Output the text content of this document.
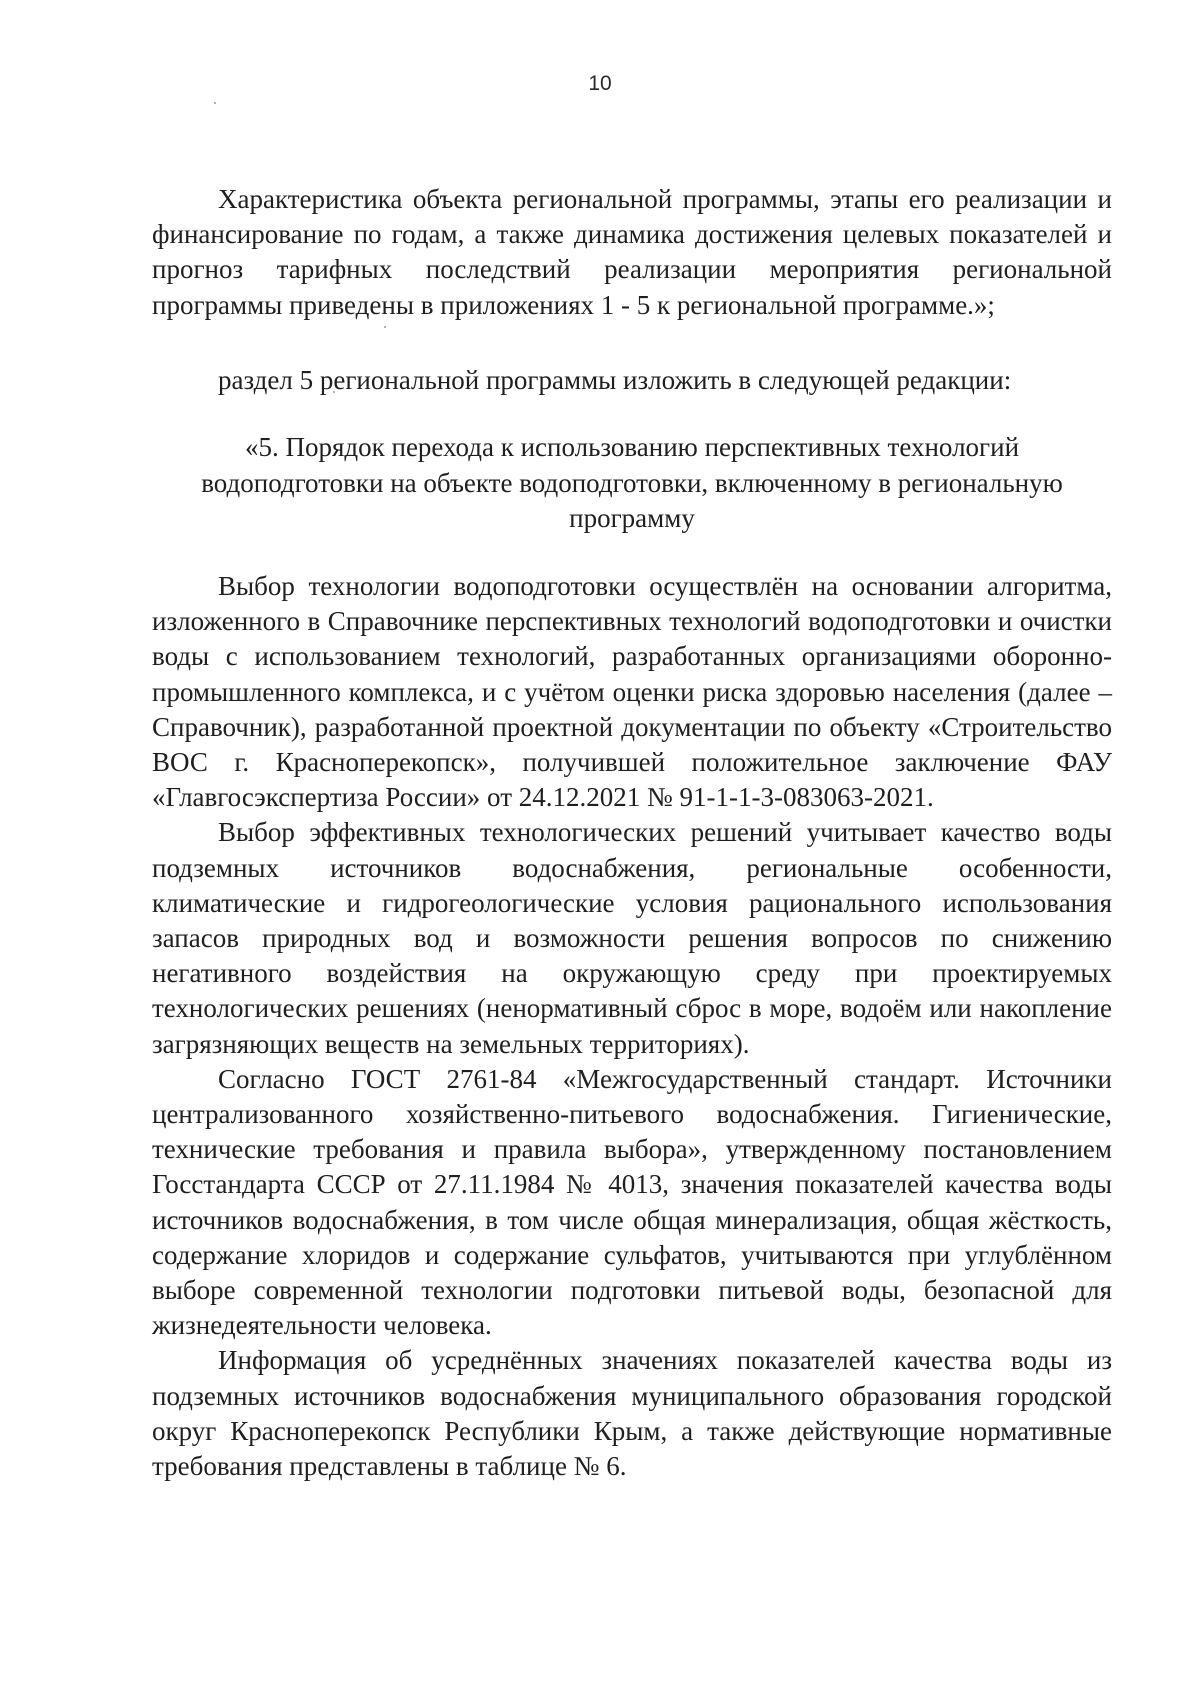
10

Характеристика объекта региональной программы, этапы его реализации и финансирование по годам, а также динамика достижения целевых показателей и прогноз тарифных последствий реализации мероприятия региональной программы приведены в приложениях 1 - 5 к региональной программе.»;

раздел 5 региональной программы изложить в следующей редакции:

«5. Порядок перехода к использованию перспективных технологий водоподготовки на объекте водоподготовки, включенному в региональную программу

Выбор технологии водоподготовки осуществлён на основании алгоритма, изложенного в Справочнике перспективных технологий водоподготовки и очистки воды с использованием технологий, разработанных организациями оборонно-промышленного комплекса, и с учётом оценки риска здоровью населения (далее – Справочник), разработанной проектной документации по объекту «Строительство ВОС г. Красноперекопск», получившей положительное заключение ФАУ «Главгосэкспертиза России» от 24.12.2021 № 91-1-1-3-083063-2021.

Выбор эффективных технологических решений учитывает качество воды подземных источников водоснабжения, региональные особенности, климатические и гидрогеологические условия рационального использования запасов природных вод и возможности решения вопросов по снижению негативного воздействия на окружающую среду при проектируемых технологических решениях (ненормативный сброс в море, водоём или накопление загрязняющих веществ на земельных территориях).

Согласно ГОСТ 2761-84 «Межгосударственный стандарт. Источники централизованного хозяйственно-питьевого водоснабжения. Гигиенические, технические требования и правила выбора», утвержденному постановлением Госстандарта СССР от 27.11.1984 № 4013, значения показателей качества воды источников водоснабжения, в том числе общая минерализация, общая жёсткость, содержание хлоридов и содержание сульфатов, учитываются при углублённом выборе современной технологии подготовки питьевой воды, безопасной для жизнедеятельности человека.

Информация об усреднённых значениях показателей качества воды из подземных источников водоснабжения муниципального образования городской округ Красноперекопск Республики Крым, а также действующие нормативные требования представлены в таблице № 6.
